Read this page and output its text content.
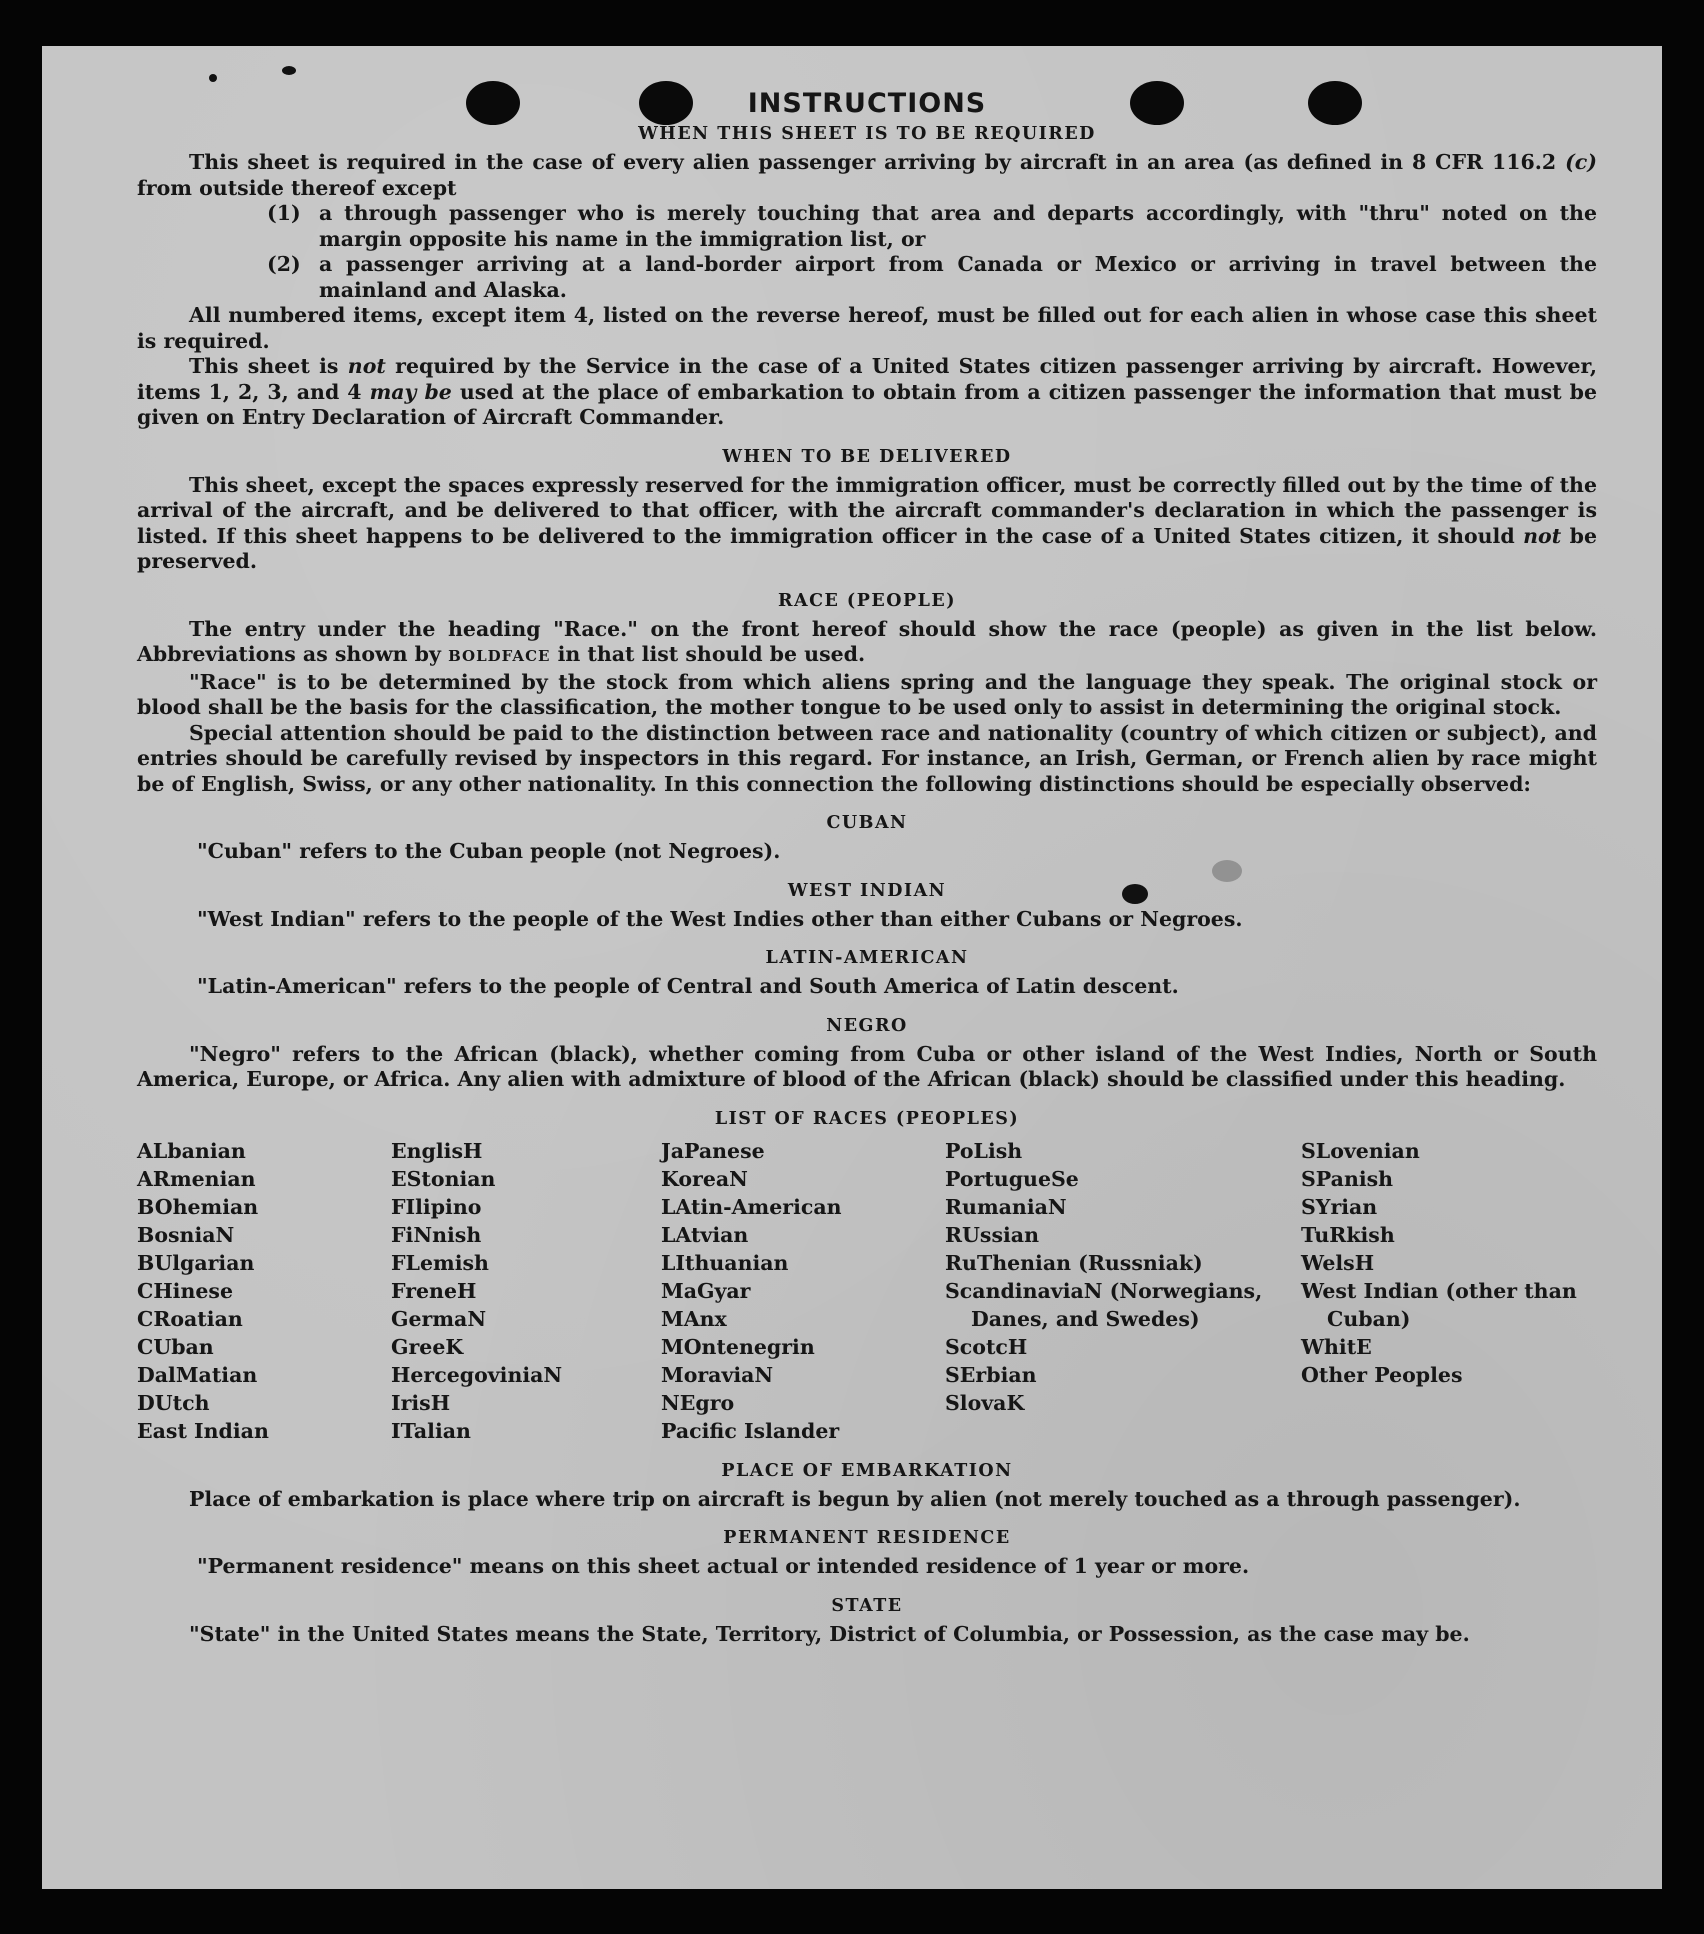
INSTRUCTIONS
WHEN THIS SHEET IS TO BE REQUIRED

This sheet is required in the case of every alien passenger arriving by aircraft in an area (as defined in 8 CFR 116.2 (c) from outside thereof except

(1) a through passenger who is merely touching that area and departs accordingly, with "thru" noted on the margin opposite his name in the immigration list, or

(2) a passenger arriving at a land-border airport from Canada or Mexico or arriving in travel between the mainland and Alaska.

All numbered items, except item 4, listed on the reverse hereof, must be filled out for each alien in whose case this sheet is required.

This sheet is not required by the Service in the case of a United States citizen passenger arriving by aircraft. However, items 1, 2, 3, and 4 may be used at the place of embarkation to obtain from a citizen passenger the information that must be given on Entry Declaration of Aircraft Commander.

WHEN TO BE DELIVERED

This sheet, except the spaces expressly reserved for the immigration officer, must be correctly filled out by the time of the arrival of the aircraft, and be delivered to that officer, with the aircraft commander's declaration in which the passenger is listed. If this sheet happens to be delivered to the immigration officer in the case of a United States citizen, it should not be preserved.

RACE (PEOPLE)

The entry under the heading "Race." on the front hereof should show the race (people) as given in the list below. Abbreviations as shown by BOLDFACE in that list should be used.

"Race" is to be determined by the stock from which aliens spring and the language they speak. The original stock or blood shall be the basis for the classification, the mother tongue to be used only to assist in determining the original stock.

Special attention should be paid to the distinction between race and nationality (country of which citizen or subject), and entries should be carefully revised by inspectors in this regard. For instance, an Irish, German, or French alien by race might be of English, Swiss, or any other nationality. In this connection the following distinctions should be especially observed:

CUBAN

"Cuban" refers to the Cuban people (not Negroes).

WEST INDIAN

"West Indian" refers to the people of the West Indies other than either Cubans or Negroes.

LATIN-AMERICAN

"Latin-American" refers to the people of Central and South America of Latin descent.

NEGRO

"Negro" refers to the African (black), whether coming from Cuba or other island of the West Indies, North or South America, Europe, or Africa. Any alien with admixture of blood of the African (black) should be classified under this heading.

LIST OF RACES (PEOPLES)
ALbanian
ARmenian
BOhemian
BosniaN
BUlgarian
CHinese
CRoatian
CUban
DalMatian
DUtch
East Indian
EnglisH
EStonian
FIlipino
FiNnish
FLemish
FreneH
GermaN
GreeK
HercegoviniaN
IrisH
ITalian
JaPanese
KoreaN
LAtin-American
LAtvian
LIthuanian
MaGyar
MAnx
MOntenegrin
MoraviaN
NEgro
Pacific Islander
PoLish
PortugueSe
RumaniaN
RUssian
RuThenian (Russniak)
ScandinaviaN (Norwegians, Danes, and Swedes)
ScotcH
SErbian
SlovaK
SLovenian
SPanish
SYrian
TuRkish
WelsH
West Indian (other than Cuban)
WhitE
Other Peoples
PLACE OF EMBARKATION

Place of embarkation is place where trip on aircraft is begun by alien (not merely touched as a through passenger).

PERMANENT RESIDENCE

"Permanent residence" means on this sheet actual or intended residence of 1 year or more.

STATE

"State" in the United States means the State, Territory, District of Columbia, or Possession, as the case may be.
